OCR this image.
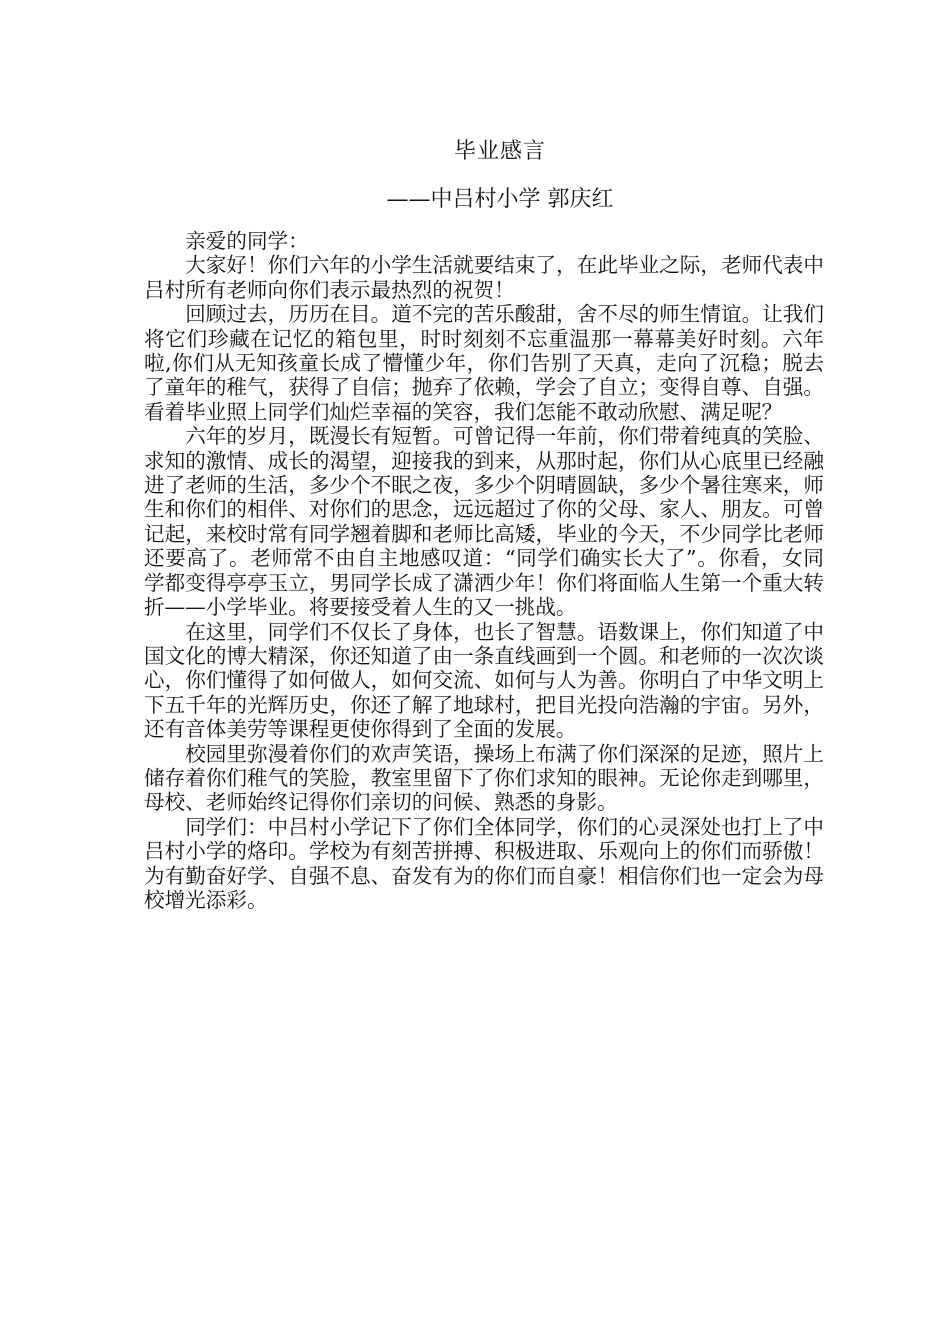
毕业感言
——中吕村小学 郭庆红

亲爱的同学：

大家好！你们六年的小学生活就要结束了，在此毕业之际，老师代表中吕村所有老师向你们表示最热烈的祝贺！

回顾过去，历历在目。道不完的苦乐酸甜，舍不尽的师生情谊。让我们将它们珍藏在记忆的箱包里，时时刻刻不忘重温那一幕幕美好时刻。六年啦,你们从无知孩童长成了懵懂少年，你们告别了天真，走向了沉稳；脱去了童年的稚气，获得了自信；抛弃了依赖，学会了自立；变得自尊、自强。看着毕业照上同学们灿烂幸福的笑容，我们怎能不敢动欣慰、满足呢？

六年的岁月，既漫长有短暂。可曾记得一年前，你们带着纯真的笑脸、求知的激情、成长的渴望，迎接我的到来，从那时起，你们从心底里已经融进了老师的生活，多少个不眠之夜，多少个阴晴圆缺，多少个暑往寒来，师生和你们的相伴、对你们的思念，远远超过了你的父母、家人、朋友。可曾记起，来校时常有同学翘着脚和老师比高矮，毕业的今天，不少同学比老师还要高了。老师常不由自主地感叹道：“同学们确实长大了”。你看，女同学都变得亭亭玉立，男同学长成了潇洒少年！你们将面临人生第一个重大转折——小学毕业。将要接受着人生的又一挑战。

在这里，同学们不仅长了身体，也长了智慧。语数课上，你们知道了中国文化的博大精深，你还知道了由一条直线画到一个圆。和老师的一次次谈心，你们懂得了如何做人，如何交流、如何与人为善。你明白了中华文明上下五千年的光辉历史，你还了解了地球村，把目光投向浩瀚的宇宙。另外，还有音体美劳等课程更使你得到了全面的发展。

校园里弥漫着你们的欢声笑语，操场上布满了你们深深的足迹，照片上储存着你们稚气的笑脸，教室里留下了你们求知的眼神。无论你走到哪里，母校、老师始终记得你们亲切的问候、熟悉的身影。

同学们：中吕村小学记下了你们全体同学，你们的心灵深处也打上了中吕村小学的烙印。学校为有刻苦拼搏、积极进取、乐观向上的你们而骄傲！为有勤奋好学、自强不息、奋发有为的你们而自豪！相信你们也一定会为母校增光添彩。
